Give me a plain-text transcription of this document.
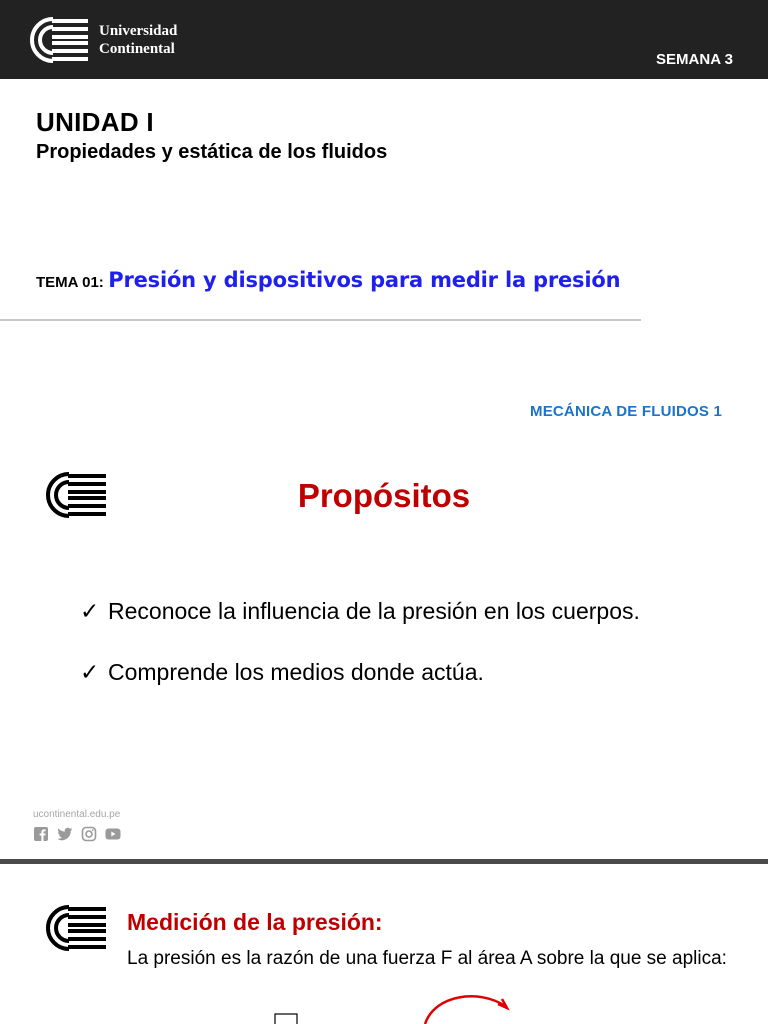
Universidad
Continental
SEMANA 3
UNIDAD I
Propiedades y estática de los fluidos
TEMA 01: Presión y dispositivos para medir la presión
MECÁNICA DE FLUIDOS 1
Propósitos
✓ Reconoce la influencia de la presión en los cuerpos.
✓ Comprende los medios donde actúa.
ucontinental.edu.pe
Medición de la presión:
La presión es la razón de una fuerza F al área A sobre la que se aplica:
